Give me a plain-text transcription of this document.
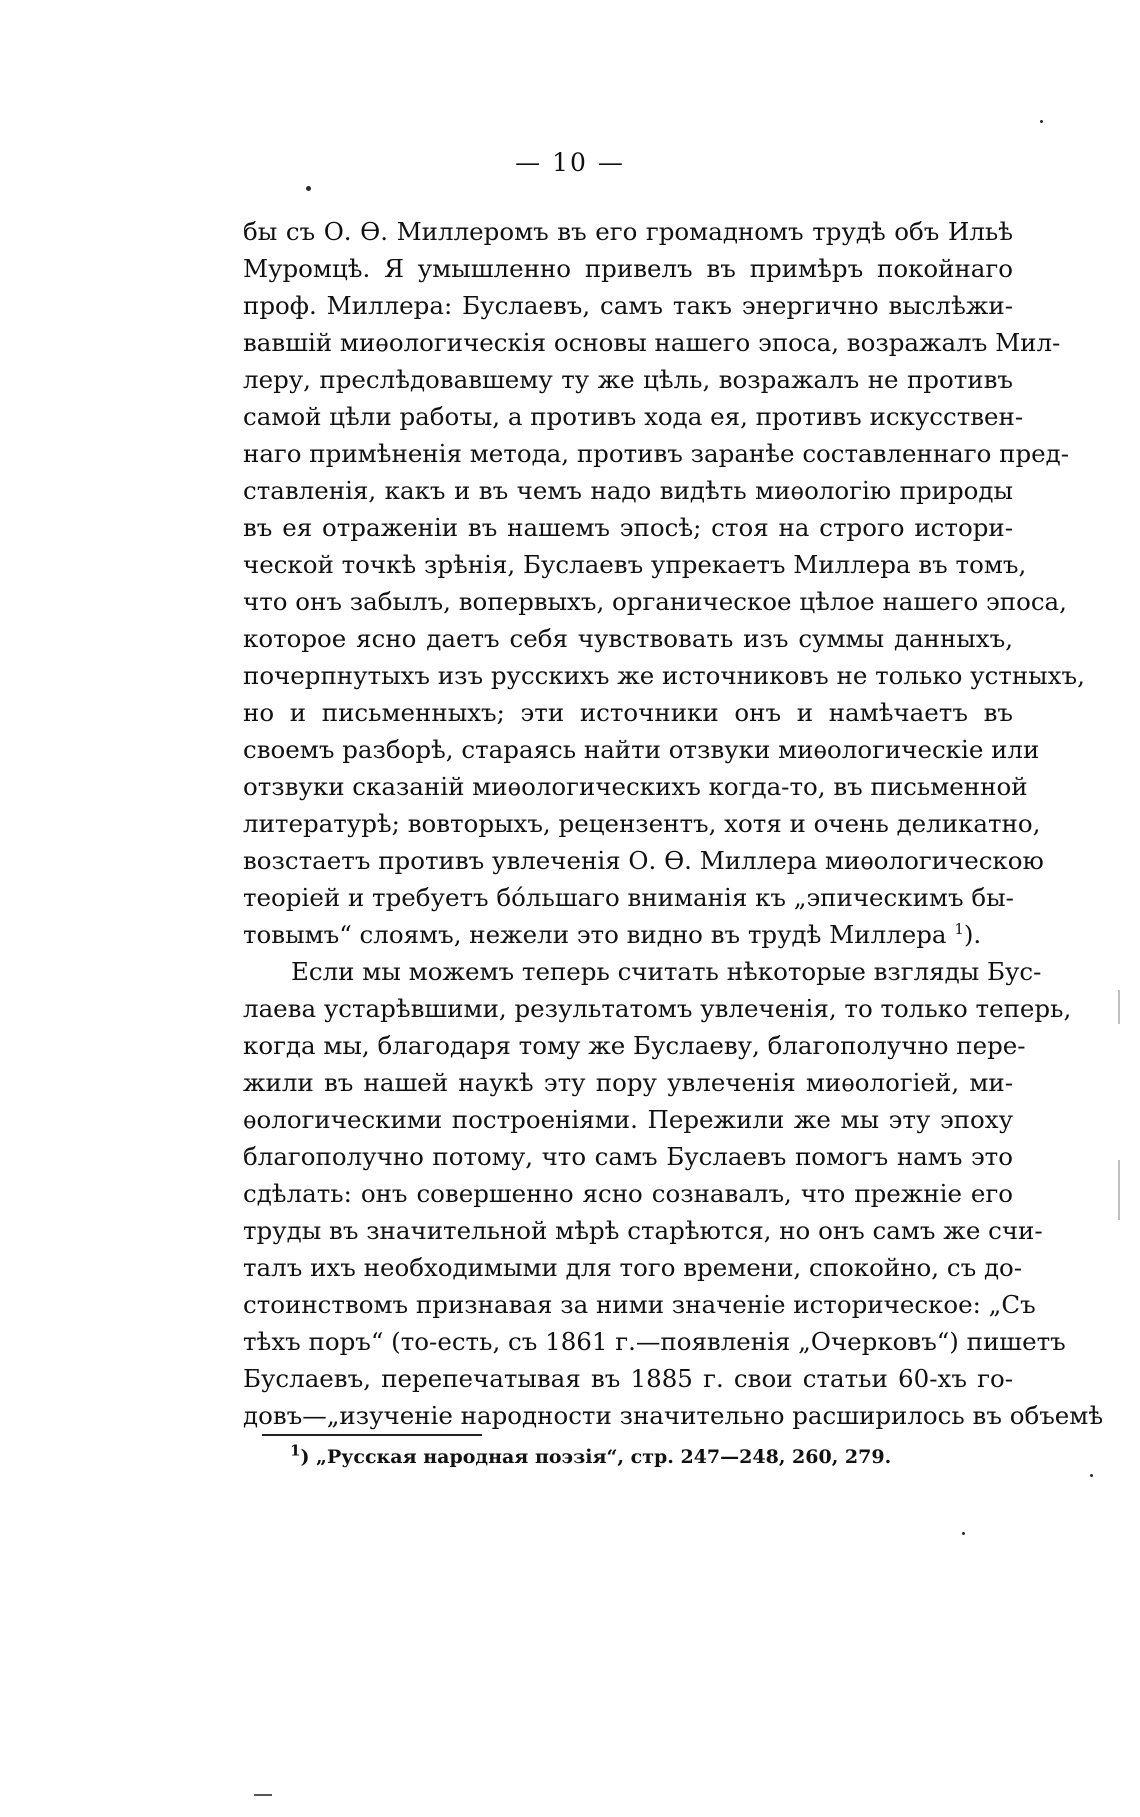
— 10 —
бы съ О. Ѳ. Миллеромъ въ его громадномъ трудѣ объ Ильѣ
Муромцѣ. Я умышленно привелъ въ примѣръ покойнаго
проф. Миллера: Буслаевъ, самъ такъ энергично выслѣжи-
вавшій миѳологическія основы нашего эпоса, возражалъ Мил-
леру, преслѣдовавшему ту же цѣль, возражалъ не противъ
самой цѣли работы, а противъ хода ея, противъ искусствен-
наго примѣненія метода, противъ заранѣе составленнаго пред-
ставленія, какъ и въ чемъ надо видѣть миѳологію природы
въ ея отраженіи въ нашемъ эпосѣ; стоя на строго истори-
ческой точкѣ зрѣнія, Буслаевъ упрекаетъ Миллера въ томъ,
что онъ забылъ, вопервыхъ, органическое цѣлое нашего эпоса,
которое ясно даетъ себя чувствовать изъ суммы данныхъ,
почерпнутыхъ изъ русскихъ же источниковъ не только устныхъ,
но и письменныхъ; эти источники онъ и намѣчаетъ въ
своемъ разборѣ, стараясь найти отзвуки миѳологическіе или
отзвуки сказаній миѳологическихъ когда-то, въ письменной
литературѣ; вовторыхъ, рецензентъ, хотя и очень деликатно,
возстаетъ противъ увлеченія О. Ѳ. Миллера миѳологическою
теоріей и требуетъ бо́льшаго вниманія къ „эпическимъ бы-
товымъ“ слоямъ, нежели это видно въ трудѣ Миллера $^1$).
Если мы можемъ теперь считать нѣкоторые взгляды Бус-
лаева устарѣвшими, результатомъ увлеченія, то только теперь,
когда мы, благодаря тому же Буслаеву, благополучно пере-
жили въ нашей наукѣ эту пору увлеченія миѳологіей, ми-
ѳологическими построеніями. Пережили же мы эту эпоху
благополучно потому, что самъ Буслаевъ помогъ намъ это
сдѣлать: онъ совершенно ясно сознавалъ, что прежніе его
труды въ значительной мѣрѣ старѣются, но онъ самъ же счи-
талъ ихъ необходимыми для того времени, спокойно, съ до-
стоинствомъ признавая за ними значеніе историческое: „Съ
тѣхъ поръ“ (то-есть, съ 1861 г.—появленія „Очерковъ“) пишетъ
Буслаевъ, перепечатывая въ 1885 г. свои статьи 60-хъ го-
довъ—„изученіе народности значительно расширилось въ объемѣ
$^1$) „Русская народная поэзія“, стр. 247—248, 260, 279.
